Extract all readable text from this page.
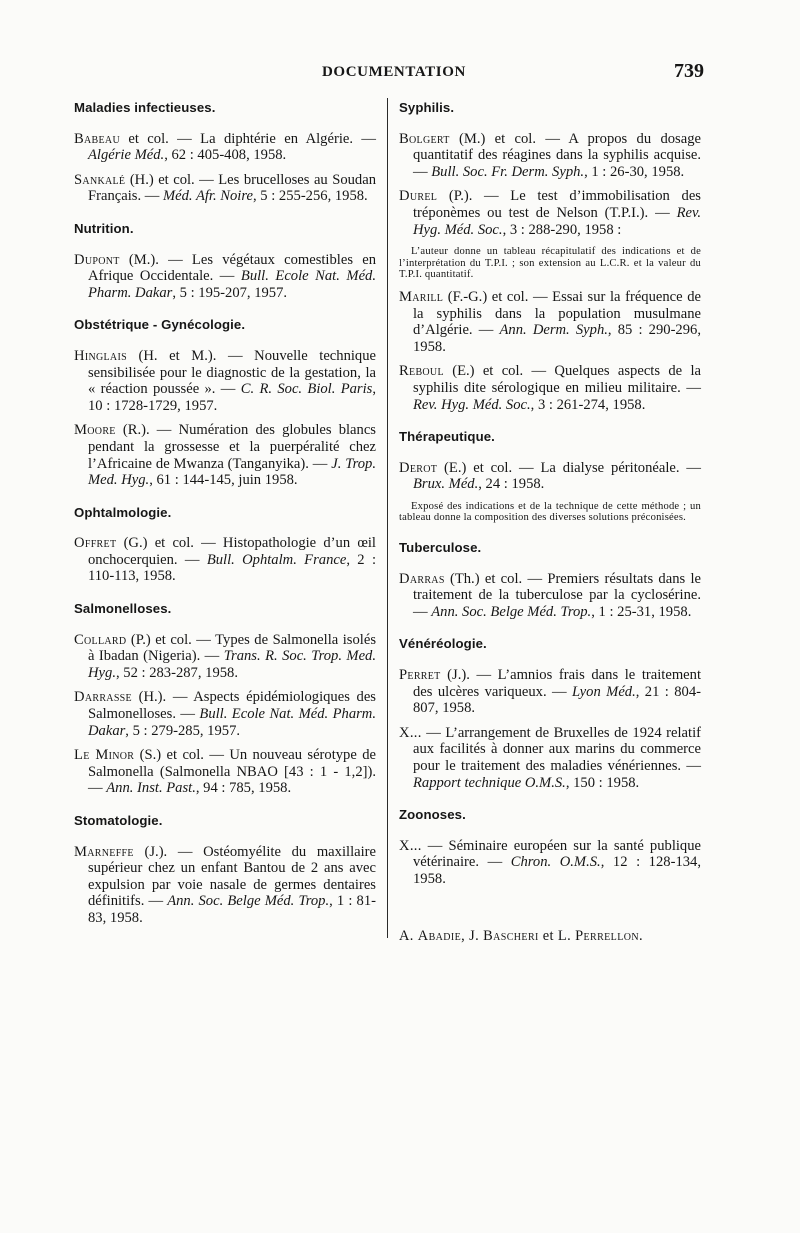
DOCUMENTATION	739
Maladies infectieuses.

Babeau et col. — La diphtérie en Algérie. — Algérie Méd., 62 : 405-408, 1958.

Sankalé (H.) et col. — Les brucelloses au Soudan Français. — Méd. Afr. Noire, 5 : 255-256, 1958.

Nutrition.

Dupont (M.). — Les végétaux comestibles en Afrique Occidentale. — Bull. Ecole Nat. Méd. Pharm. Dakar, 5 : 195-207, 1957.

Obstétrique - Gynécologie.

Hinglais (H. et M.). — Nouvelle technique sensibilisée pour le diagnostic de la gestation, la « réaction poussée ». — C. R. Soc. Biol. Paris, 10 : 1728-1729, 1957.

Moore (R.). — Numération des globules blancs pendant la grossesse et la puerpéralité chez l’Africaine de Mwanza (Tanganyika). — J. Trop. Med. Hyg., 61 : 144-145, juin 1958.

Ophtalmologie.

Offret (G.) et col. — Histopathologie d’un œil onchocerquien. — Bull. Ophtalm. France, 2 : 110-113, 1958.

Salmonelloses.

Collard (P.) et col. — Types de Salmonella isolés à Ibadan (Nigeria). — Trans. R. Soc. Trop. Med. Hyg., 52 : 283-287, 1958.

Darrasse (H.). — Aspects épidémiologiques des Salmonelloses. — Bull. Ecole Nat. Méd. Pharm. Dakar, 5 : 279-285, 1957.

Le Minor (S.) et col. — Un nouveau sérotype de Salmonella (Salmonella NBAO [43 : 1 - 1,2]). — Ann. Inst. Past., 94 : 785, 1958.

Stomatologie.

Marneffe (J.). — Ostéomyélite du maxillaire supérieur chez un enfant Bantou de 2 ans avec expulsion par voie nasale de germes dentaires définitifs. — Ann. Soc. Belge Méd. Trop., 1 : 81-83, 1958.

Syphilis.

Bolgert (M.) et col. — A propos du dosage quantitatif des réagines dans la syphilis acquise. — Bull. Soc. Fr. Derm. Syph., 1 : 26-30, 1958.

Durel (P.). — Le test d’immobilisation des tréponèmes ou test de Nelson (T.P.I.). — Rev. Hyg. Méd. Soc., 3 : 288-290, 1958 :

L’auteur donne un tableau récapitulatif des indications et de l’interprétation du T.P.I. ; son extension au L.C.R. et la valeur du T.P.I. quantitatif.

Marill (F.-G.) et col. — Essai sur la fréquence de la syphilis dans la population musulmane d’Algérie. — Ann. Derm. Syph., 85 : 290-296, 1958.

Reboul (E.) et col. — Quelques aspects de la syphilis dite sérologique en milieu militaire. — Rev. Hyg. Méd. Soc., 3 : 261-274, 1958.

Thérapeutique.

Derot (E.) et col. — La dialyse péritonéale. — Brux. Méd., 24 : 1958.

Exposé des indications et de la technique de cette méthode ; un tableau donne la composition des diverses solutions préconisées.

Tuberculose.

Darras (Th.) et col. — Premiers résultats dans le traitement de la tuberculose par la cyclosérine. — Ann. Soc. Belge Méd. Trop., 1 : 25-31, 1958.

Vénéréologie.

Perret (J.). — L’amnios frais dans le traitement des ulcères variqueux. — Lyon Méd., 21 : 804-807, 1958.

X... — L’arrangement de Bruxelles de 1924 relatif aux facilités à donner aux marins du commerce pour le traitement des maladies vénériennes. — Rapport technique O.M.S., 150 : 1958.

Zoonoses.

X... — Séminaire européen sur la santé publique vétérinaire. — Chron. O.M.S., 12 : 128-134, 1958.

A. Abadie, J. Bascheri et L. Perrellon.
